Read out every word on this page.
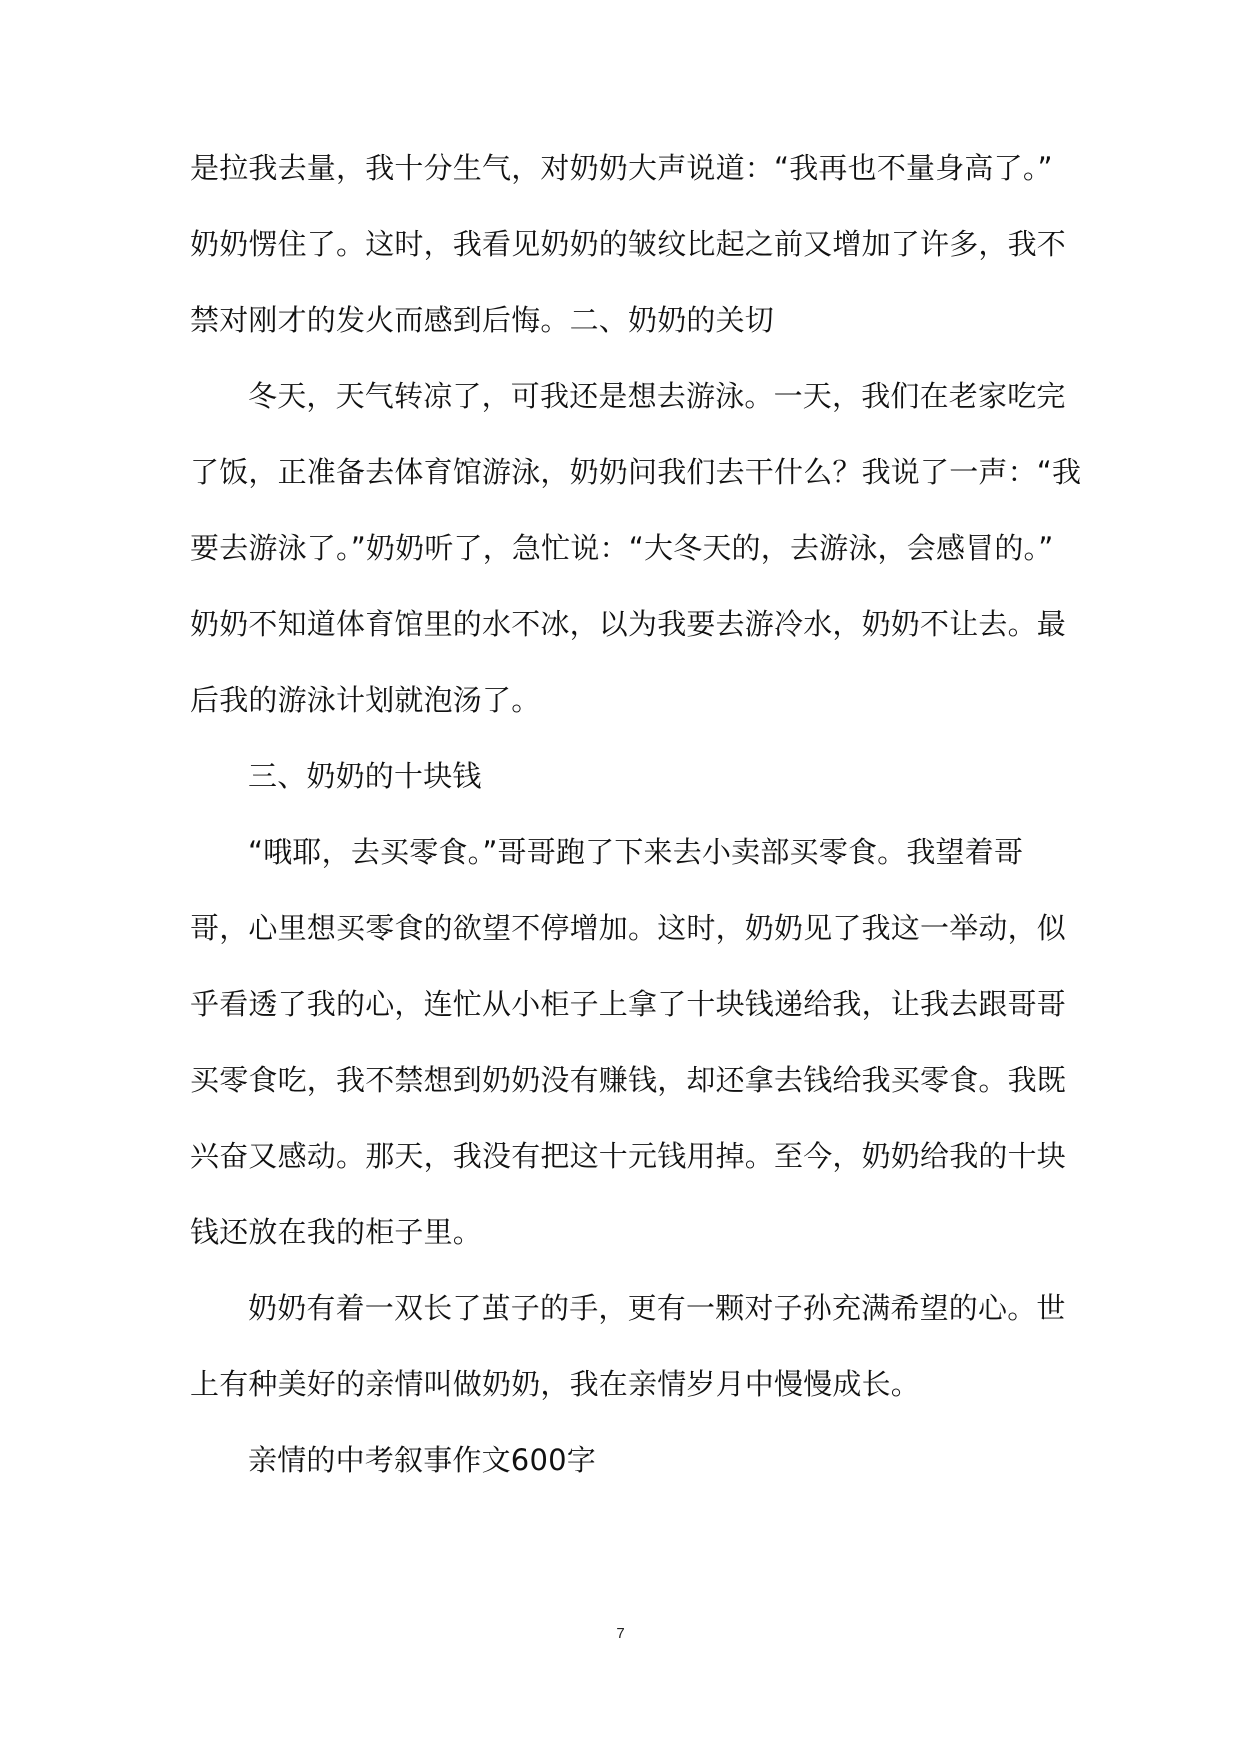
是拉我去量，我十分生气，对奶奶大声说道：“我再也不量身高了。”
奶奶愣住了。这时，我看见奶奶的皱纹比起之前又增加了许多，我不
禁对刚才的发火而感到后悔。二、奶奶的关切

冬天，天气转凉了，可我还是想去游泳。一天，我们在老家吃完
了饭，正准备去体育馆游泳，奶奶问我们去干什么？我说了一声：“我
要去游泳了。”奶奶听了，急忙说：“大冬天的，去游泳，会感冒的。”
奶奶不知道体育馆里的水不冰，以为我要去游冷水，奶奶不让去。最
后我的游泳计划就泡汤了。

三、奶奶的十块钱

“哦耶，去买零食。”哥哥跑了下来去小卖部买零食。我望着哥
哥，心里想买零食的欲望不停增加。这时，奶奶见了我这一举动，似
乎看透了我的心，连忙从小柜子上拿了十块钱递给我，让我去跟哥哥
买零食吃，我不禁想到奶奶没有赚钱，却还拿去钱给我买零食。我既
兴奋又感动。那天，我没有把这十元钱用掉。至今，奶奶给我的十块
钱还放在我的柜子里。

奶奶有着一双长了茧子的手，更有一颗对子孙充满希望的心。世
上有种美好的亲情叫做奶奶，我在亲情岁月中慢慢成长。

亲情的中考叙事作文600字

7
